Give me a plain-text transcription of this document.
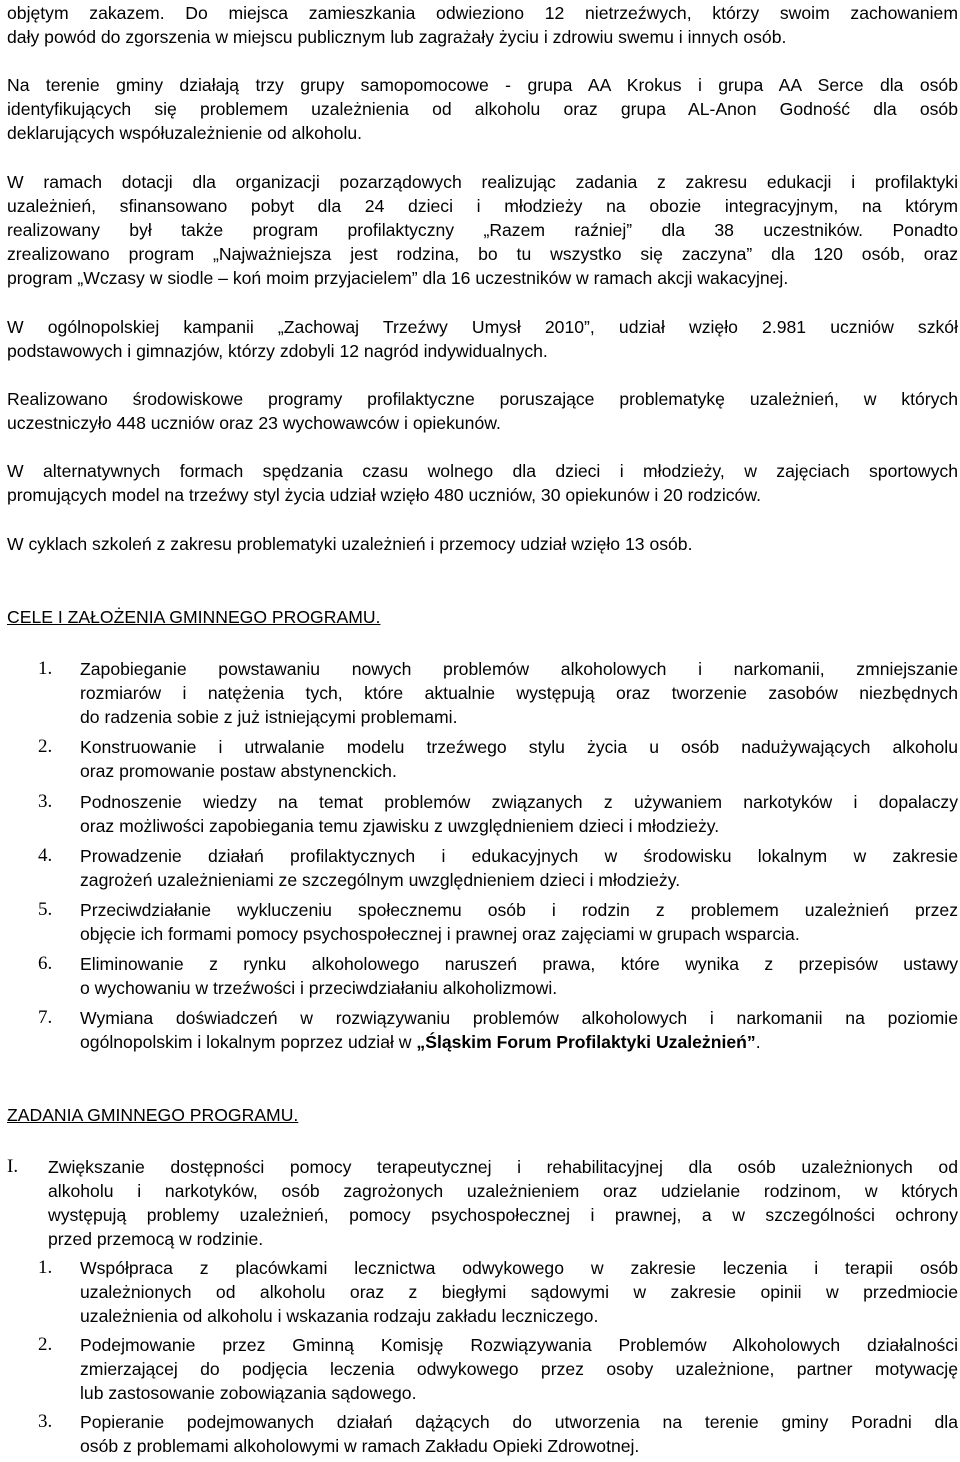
objętym zakazem. Do miejsca zamieszkania odwieziono 12 nietrzeźwych, którzy swoim zachowaniem
dały powód do zgorszenia w miejscu publicznym lub zagrażały życiu i zdrowiu swemu i innych osób.
Na terenie gminy działają trzy grupy samopomocowe - grupa AA Krokus i grupa AA Serce dla osób
identyfikujących się problemem uzależnienia od alkoholu oraz grupa AL-Anon Godność dla osób
deklarujących współuzależnienie od alkoholu.
W ramach dotacji dla organizacji pozarządowych realizując zadania z zakresu edukacji i profilaktyki
uzależnień, sfinansowano pobyt dla 24 dzieci i młodzieży na obozie integracyjnym, na którym
realizowany był także program profilaktyczny „Razem raźniej” dla 38 uczestników. Ponadto
zrealizowano program „Najważniejsza jest rodzina, bo tu wszystko się zaczyna” dla 120 osób, oraz
program „Wczasy w siodle – koń moim przyjacielem” dla 16 uczestników w ramach akcji wakacyjnej.
W ogólnopolskiej kampanii „Zachowaj Trzeźwy Umysł 2010”, udział wzięło 2.981 uczniów szkół
podstawowych i gimnazjów, którzy zdobyli 12 nagród indywidualnych.
Realizowano środowiskowe programy profilaktyczne poruszające problematykę uzależnień, w których
uczestniczyło 448 uczniów oraz 23 wychowawców i opiekunów.
W alternatywnych formach spędzania czasu wolnego dla dzieci i młodzieży, w zajęciach sportowych
promujących model na trzeźwy styl życia udział wzięło 480 uczniów, 30 opiekunów i 20 rodziców.
W cyklach szkoleń z zakresu problematyki uzależnień i przemocy udział wzięło 13 osób.
CELE I ZAŁOŻENIA GMINNEGO PROGRAMU.
1. Zapobieganie powstawaniu nowych problemów alkoholowych i narkomanii, zmniejszanie
rozmiarów i natężenia tych, które aktualnie występują oraz tworzenie zasobów niezbędnych
do radzenia sobie z już istniejącymi problemami.
2. Konstruowanie i utrwalanie modelu trzeźwego stylu życia u osób nadużywających alkoholu
oraz promowanie postaw abstynenckich.
3. Podnoszenie wiedzy na temat problemów związanych z używaniem narkotyków i dopalaczy
oraz możliwości zapobiegania temu zjawisku z uwzględnieniem dzieci i młodzieży.
4. Prowadzenie działań profilaktycznych i edukacyjnych w środowisku lokalnym w zakresie
zagrożeń uzależnieniami ze szczególnym uwzględnieniem dzieci i młodzieży.
5. Przeciwdziałanie wykluczeniu społecznemu osób i rodzin z problemem uzależnień przez
objęcie ich formami pomocy psychospołecznej i prawnej oraz zajęciami w grupach wsparcia.
6. Eliminowanie z rynku alkoholowego naruszeń prawa, które wynika z przepisów ustawy
o wychowaniu w trzeźwości i przeciwdziałaniu alkoholizmowi.
7. Wymiana doświadczeń w rozwiązywaniu problemów alkoholowych i narkomanii na poziomie
ogólnopolskim i lokalnym poprzez udział w „Śląskim Forum Profilaktyki Uzależnień”.
ZADANIA GMINNEGO PROGRAMU.
I. Zwiększanie dostępności pomocy terapeutycznej i rehabilitacyjnej dla osób uzależnionych od
alkoholu i narkotyków, osób zagrożonych uzależnieniem oraz udzielanie rodzinom, w których
występują problemy uzależnień, pomocy psychospołecznej i prawnej, a w szczególności ochrony
przed przemocą w rodzinie.
1. Współpraca z placówkami lecznictwa odwykowego w zakresie leczenia i terapii osób
uzależnionych od alkoholu oraz z biegłymi sądowymi w zakresie opinii w przedmiocie
uzależnienia od alkoholu i wskazania rodzaju zakładu leczniczego.
2. Podejmowanie przez Gminną Komisję Rozwiązywania Problemów Alkoholowych działalności
zmierzającej do podjęcia leczenia odwykowego przez osoby uzależnione, partner motywację
lub zastosowanie zobowiązania sądowego.
3. Popieranie podejmowanych działań dążących do utworzenia na terenie gminy Poradni dla
osób z problemami alkoholowymi w ramach Zakładu Opieki Zdrowotnej.
